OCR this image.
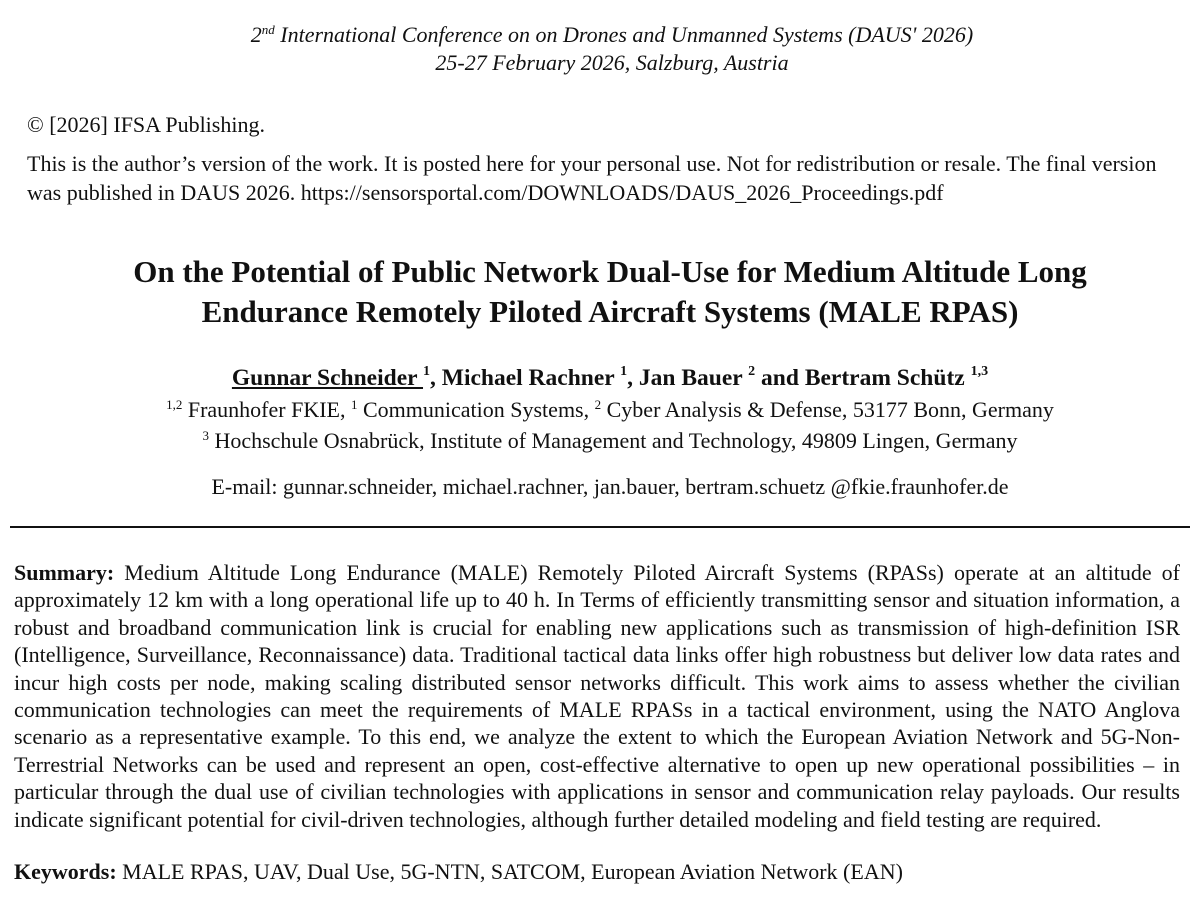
2nd International Conference on on Drones and Unmanned Systems (DAUS' 2026)
25-27 February 2026, Salzburg, Austria
© [2026] IFSA Publishing.
This is the author’s version of the work. It is posted here for your personal use. Not for redistribution or resale. The final version was published in DAUS 2026. https://sensorsportal.com/DOWNLOADS/DAUS_2026_Proceedings.pdf
On the Potential of Public Network Dual-Use for Medium Altitude Long
Endurance Remotely Piloted Aircraft Systems (MALE RPAS)
Gunnar Schneider $^1$, Michael Rachner $^1$, Jan Bauer $^2$ and Bertram Schütz $^{1,3}$
$^{1,2}$ Fraunhofer FKIE, $^1$ Communication Systems, $^2$ Cyber Analysis & Defense, 53177 Bonn, Germany
$^3$ Hochschule Osnabrück, Institute of Management and Technology, 49809 Lingen, Germany
E-mail: gunnar.schneider, michael.rachner, jan.bauer, bertram.schuetz @fkie.fraunhofer.de
Summary: Medium Altitude Long Endurance (MALE) Remotely Piloted Aircraft Systems (RPASs) operate at an altitude of approximately 12 km with a long operational life up to 40 h. In Terms of efficiently transmitting sensor and situation information, a robust and broadband communication link is crucial for enabling new applications such as transmission of high-definition ISR (Intelligence, Surveillance, Reconnaissance) data. Traditional tactical data links offer high robustness but deliver low data rates and incur high costs per node, making scaling distributed sensor networks difficult. This work aims to assess whether the civilian communication technologies can meet the requirements of MALE RPASs in a tactical environment, using the NATO Anglova scenario as a representative example. To this end, we analyze the extent to which the European Aviation Network and 5G-Non-Terrestrial Networks can be used and represent an open, cost-effective alternative to open up new operational possibilities – in particular through the dual use of civilian technologies with applications in sensor and communication relay payloads. Our results indicate significant potential for civil-driven technologies, although further detailed modeling and field testing are required.
Keywords: MALE RPAS, UAV, Dual Use, 5G-NTN, SATCOM, European Aviation Network (EAN)
